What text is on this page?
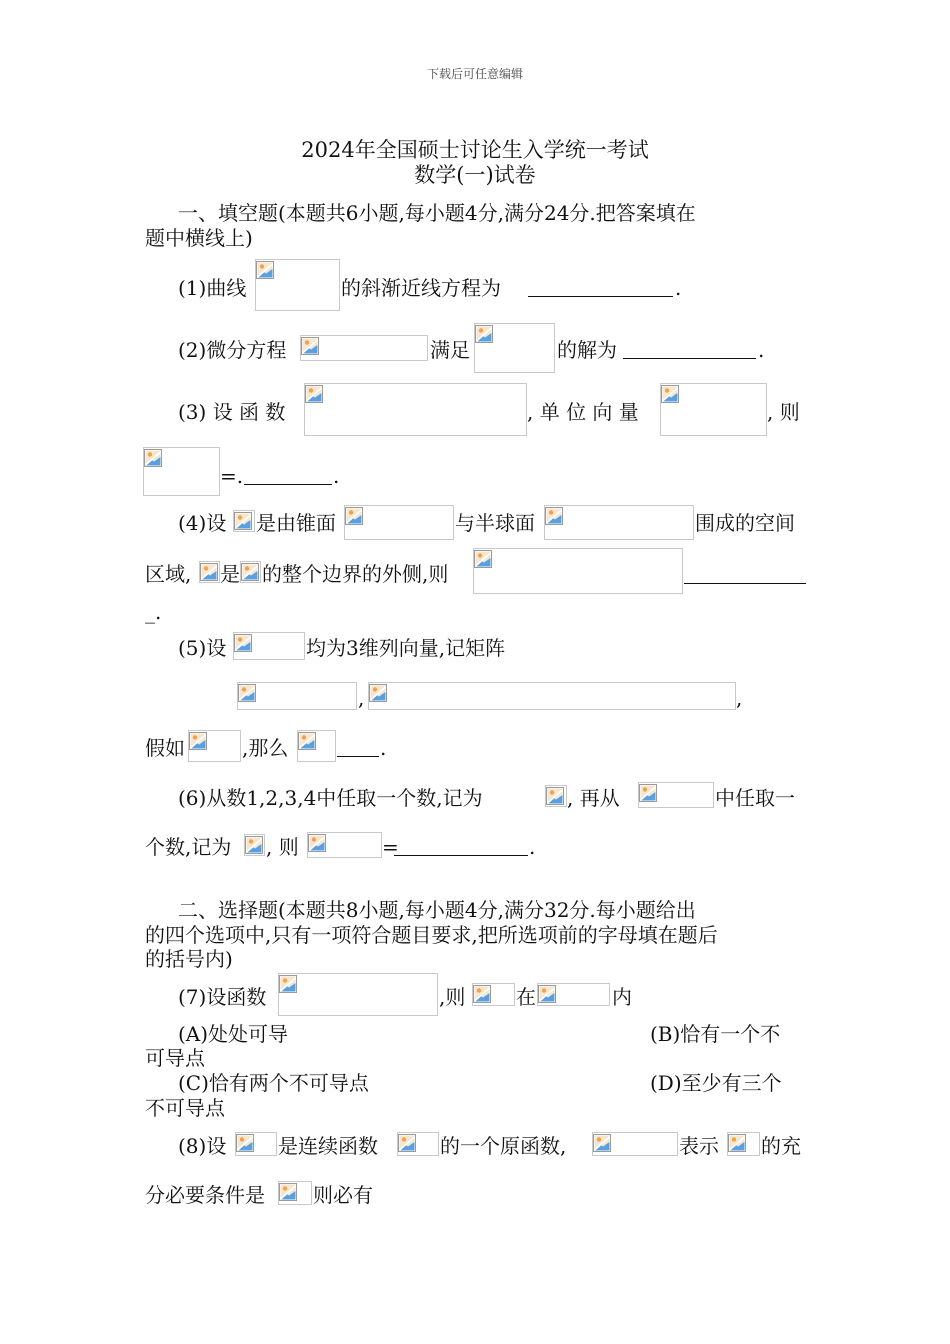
下载后可任意编辑
2024年全国硕士讨论生入学统一考试
数学(一)试卷
一、填空题(本题共6小题,每小题4分,满分24分.把答案填在
题中横线上)
(1)曲线	的斜渐近线方程为	.
(2)微分方程	满足	的解为	.
(3) 设 函 数	, 单 位 向 量	, 则
=.	.
(4)设 是由锥面	与半球面	围成的空间
区域, 是 的整个边界的外侧,则
_.
(5)设	均为3维列向量,记矩阵
,	,
假如	,那么	.
(6)从数1,2,3,4中任取一个数,记为	, 再从	中任取一
个数,记为 , 则	=	.
二、选择题(本题共8小题,每小题4分,满分32分.每小题给出
的四个选项中,只有一项符合题目要求,把所选项前的字母填在题后
的括号内)
(7)设函数	,则	在	内
(A)处处可导	(B)恰有一个不
可导点
(C)恰有两个不可导点	(D)至少有三个
不可导点
(8)设	是连续函数	的一个原函数,	表示 的充
分必要条件是 则必有
